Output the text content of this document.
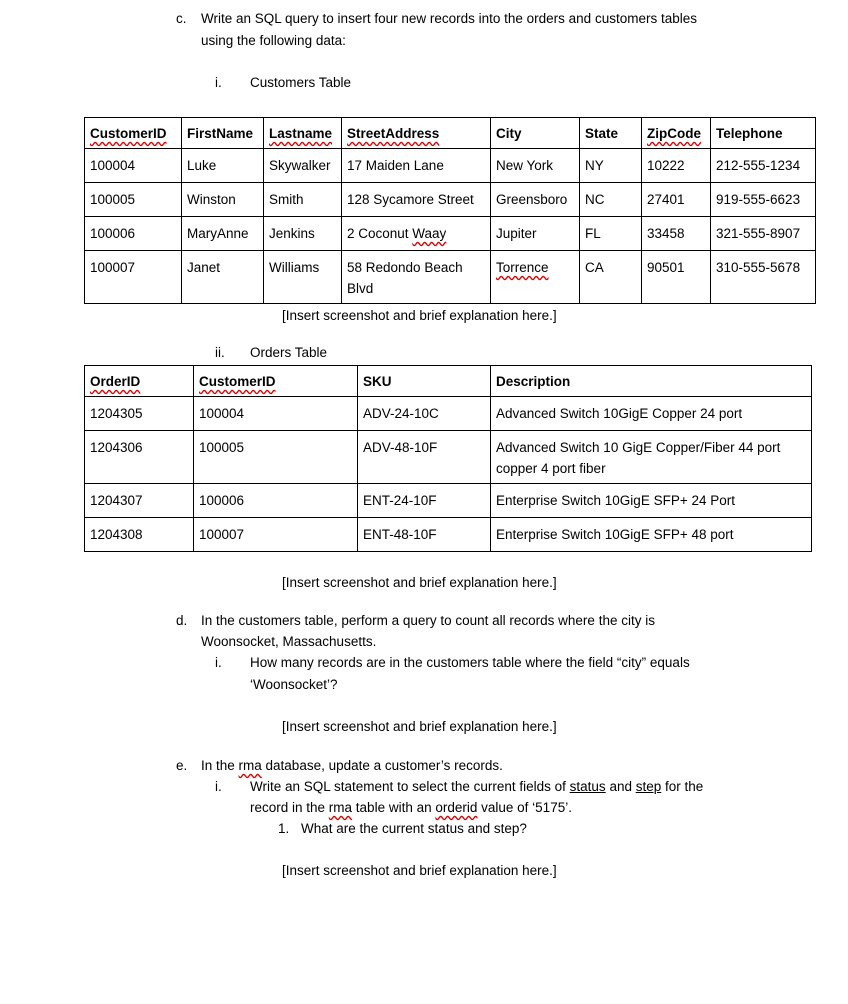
c. Write an SQL query to insert four new records into the orders and customers tables
using the following data:
i. Customers Table
CustomerID	FirstName	Lastname	StreetAddress	City	State	ZipCode	Telephone
100004	Luke	Skywalker	17 Maiden Lane	New York	NY	10222	212-555-1234
100005	Winston	Smith	128 Sycamore Street	Greensboro	NC	27401	919-555-6623
100006	MaryAnne	Jenkins	2 Coconut Waay	Jupiter	FL	33458	321-555-8907
100007	Janet	Williams	58 Redondo Beach Blvd	Torrence	CA	90501	310-555-5678
[Insert screenshot and brief explanation here.]
ii. Orders Table
OrderID	CustomerID	SKU	Description
1204305	100004	ADV-24-10C	Advanced Switch 10GigE Copper 24 port
1204306	100005	ADV-48-10F	Advanced Switch 10 GigE Copper/Fiber 44 port copper 4 port fiber
1204307	100006	ENT-24-10F	Enterprise Switch 10GigE SFP+ 24 Port
1204308	100007	ENT-48-10F	Enterprise Switch 10GigE SFP+ 48 port
[Insert screenshot and brief explanation here.]
d. In the customers table, perform a query to count all records where the city is
Woonsocket, Massachusetts.
i. How many records are in the customers table where the field “city” equals
‘Woonsocket’?
[Insert screenshot and brief explanation here.]
e. In the rma database, update a customer’s records.
i. Write an SQL statement to select the current fields of status and step for the
record in the rma table with an orderid value of ‘5175’.
1. What are the current status and step?
[Insert screenshot and brief explanation here.]
